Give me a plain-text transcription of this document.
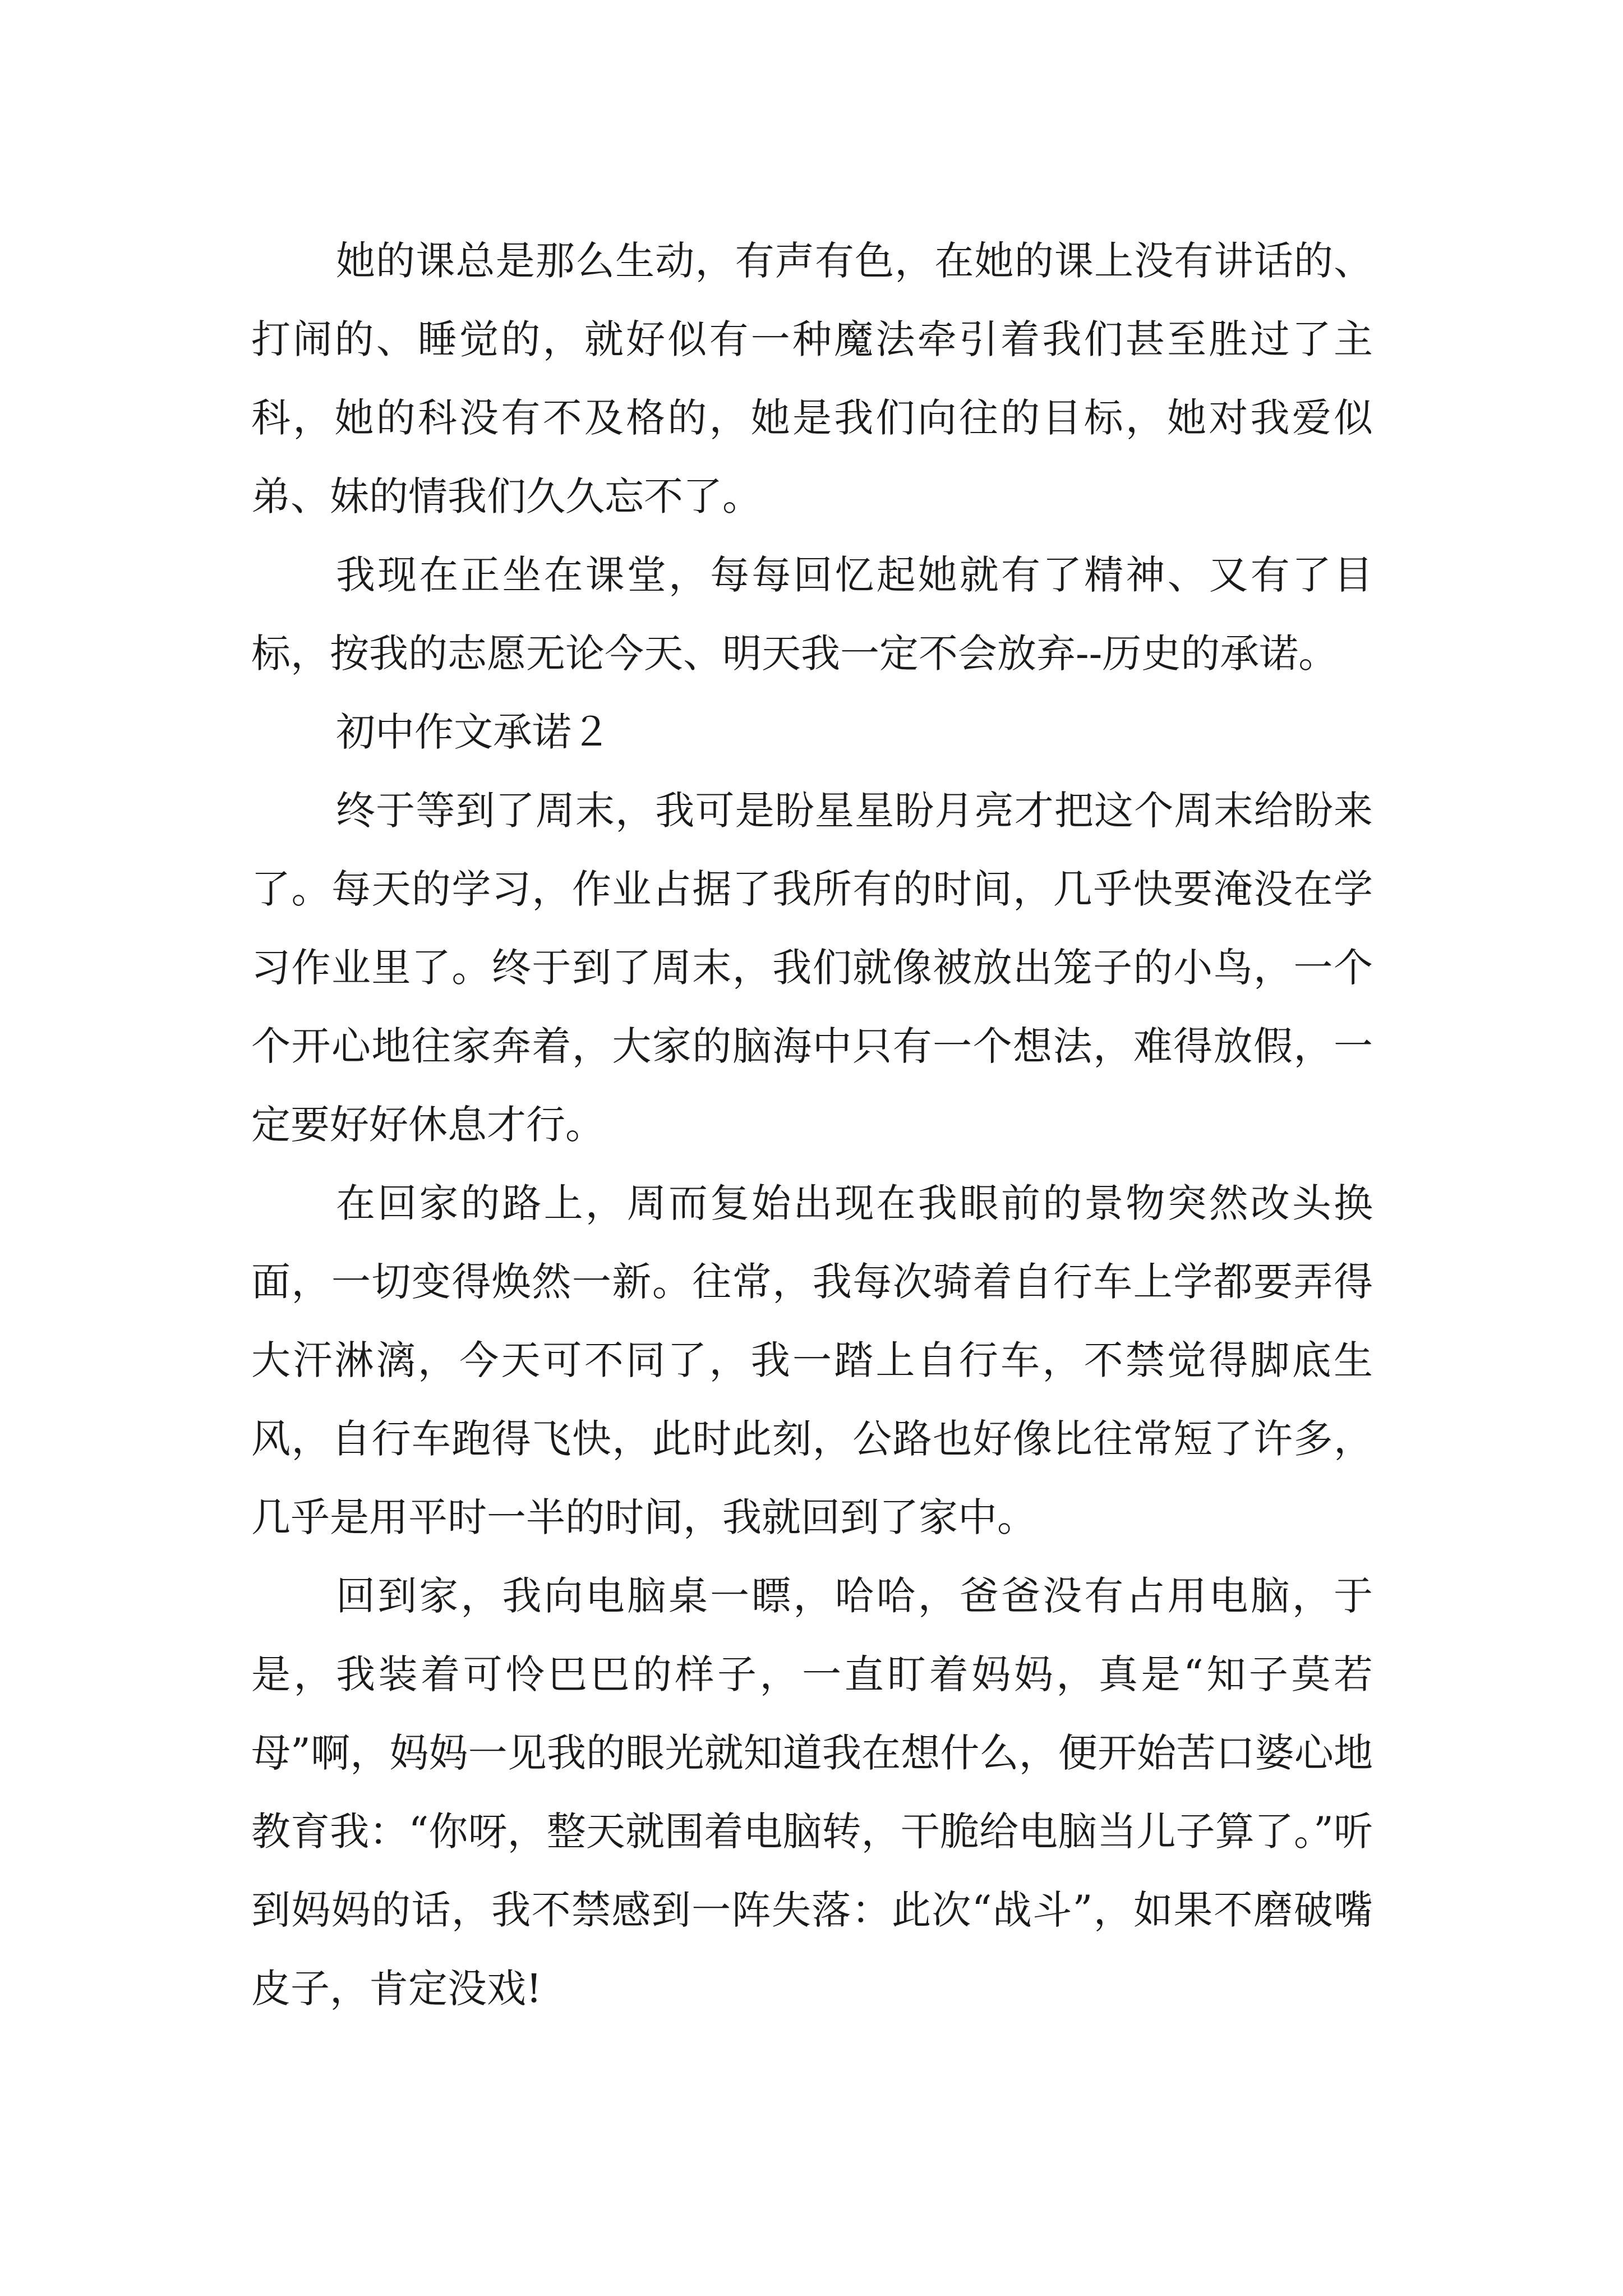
她的课总是那么生动，有声有色，在她的课上没有讲话的、打闹的、睡觉的，就好似有一种魔法牵引着我们甚至胜过了主科，她的科没有不及格的，她是我们向往的目标，她对我爱似弟、妹的情我们久久忘不了。

我现在正坐在课堂，每每回忆起她就有了精神、又有了目标，按我的志愿无论今天、明天我一定不会放弃--历史的承诺。

初中作文承诺２

终于等到了周末，我可是盼星星盼月亮才把这个周末给盼来了。每天的学习，作业占据了我所有的时间，几乎快要淹没在学习作业里了。终于到了周末，我们就像被放出笼子的小鸟，一个个开心地往家奔着，大家的脑海中只有一个想法，难得放假，一定要好好休息才行。

在回家的路上，周而复始出现在我眼前的景物突然改头换面，一切变得焕然一新。往常，我每次骑着自行车上学都要弄得大汗淋漓，今天可不同了，我一踏上自行车，不禁觉得脚底生风，自行车跑得飞快，此时此刻，公路也好像比往常短了许多，几乎是用平时一半的时间，我就回到了家中。

回到家，我向电脑桌一瞟，哈哈，爸爸没有占用电脑，于是，我装着可怜巴巴的样子，一直盯着妈妈，真是“知子莫若母”啊，妈妈一见我的眼光就知道我在想什么，便开始苦口婆心地教育我：“你呀，整天就围着电脑转，干脆给电脑当儿子算了。”听到妈妈的话，我不禁感到一阵失落：此次“战斗”，如果不磨破嘴皮子，肯定没戏!
